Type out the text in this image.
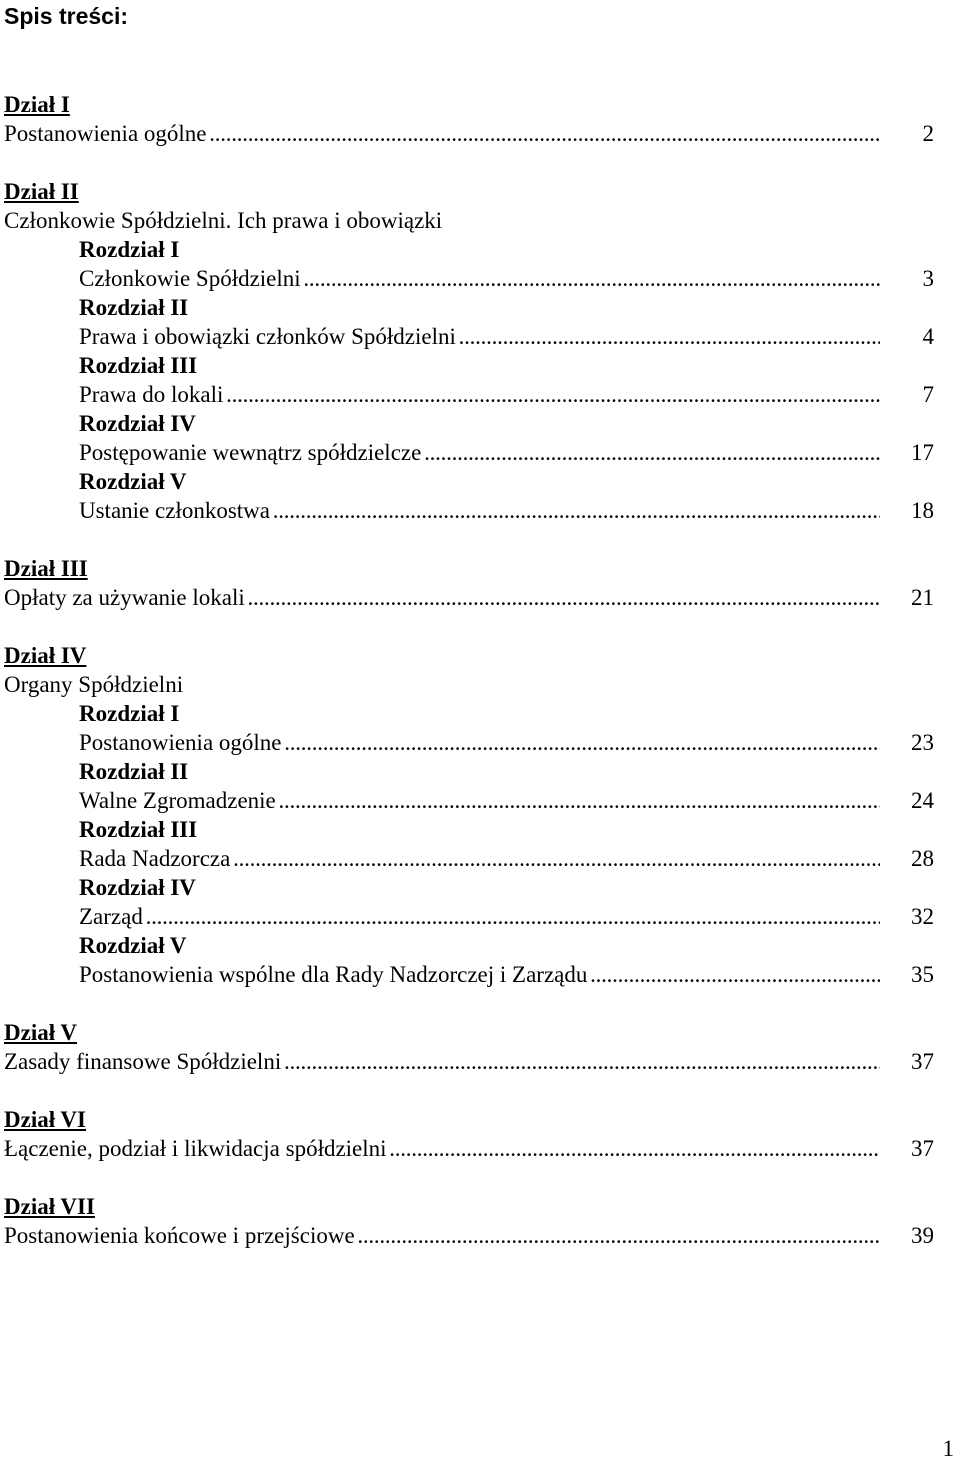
Spis treści:
Dział I
Postanowienia ogólne . . .	2
Dział II
Członkowie Spółdzielni. Ich prawa i obowiązki
Rozdział I
Członkowie Spółdzielni . . .	3
Rozdział II
Prawa i obowiązki członków Spółdzielni . . .	4
Rozdział III
Prawa do lokali . . .	7
Rozdział IV
Postępowanie wewnątrz spółdzielcze . . .	17
Rozdział V
Ustanie członkostwa . . .	18
Dział III
Opłaty za używanie lokali . . .	21
Dział IV
Organy Spółdzielni
Rozdział I
Postanowienia ogólne . . .	23
Rozdział II
Walne Zgromadzenie . . .	24
Rozdział III
Rada Nadzorcza . . .	28
Rozdział IV
Zarząd . . .	32
Rozdział V
Postanowienia wspólne dla Rady Nadzorczej i Zarządu . . .	35
Dział V
Zasady finansowe Spółdzielni . . .	37
Dział VI
Łączenie, podział i likwidacja spółdzielni . . .	37
Dział VII
Postanowienia końcowe i przejściowe . . .	39
1
